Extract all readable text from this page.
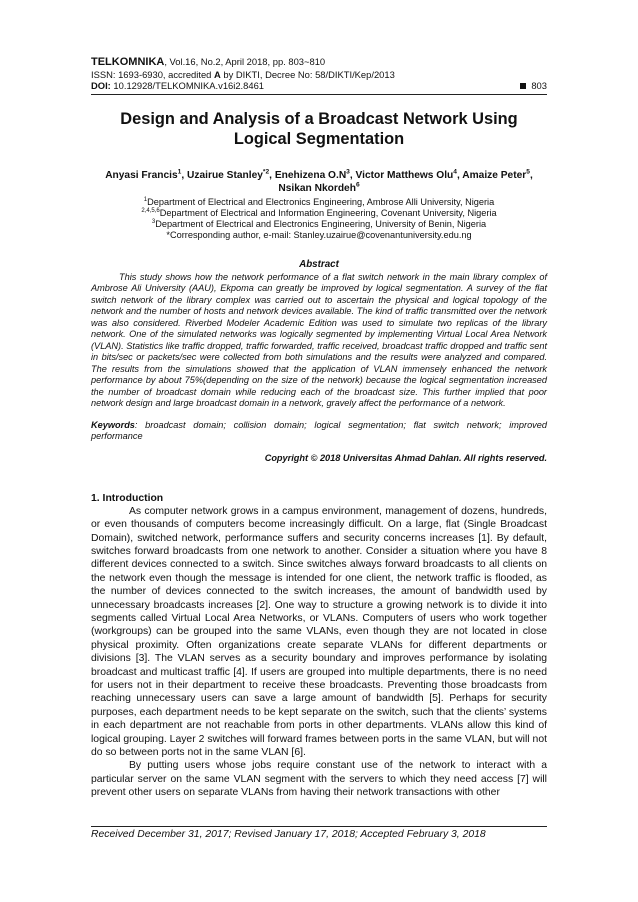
TELKOMNIKA, Vol.16, No.2, April 2018, pp. 803~810
ISSN: 1693-6930, accredited A by DIKTI, Decree No: 58/DIKTI/Kep/2013
DOI: 10.12928/TELKOMNIKA.v16i2.8461	803
Design and Analysis of a Broadcast Network Using Logical Segmentation
Anyasi Francis$^1$, Uzairue Stanley$^{*2}$, Enehizena $O.N^3$, Victor Matthews Olu$^4$, Amaize Peter$^5$, Nsikan Nkordeh$^6$
$^1$Department of Electrical and Electronics Engineering, Ambrose Alli University, Nigeria
$^{2,4,5,6}$Department of Electrical and Information Engineering, Covenant University, Nigeria
$^3$Department of Electrical and Electronics Engineering, University of Benin, Nigeria
*Corresponding author, e-mail: Stanley.uzairue@covenantuniversity.edu.ng
Abstract
This study shows how the network performance of a flat switch network in the main library complex of Ambrose Ali University (AAU), Ekpoma can greatly be improved by logical segmentation. A survey of the flat switch network of the library complex was carried out to ascertain the physical and logical topology of the network and the number of hosts and network devices available. The kind of traffic transmitted over the network was also considered. Riverbed Modeler Academic Edition was used to simulate two replicas of the library network. One of the simulated networks was logically segmented by implementing Virtual Local Area Network (VLAN). Statistics like traffic dropped, traffic forwarded, traffic received, broadcast traffic dropped and traffic sent in bits/sec or packets/sec were collected from both simulations and the results were analyzed and compared. The results from the simulations showed that the application of VLAN immensely enhanced the network performance by about 75%(depending on the size of the network) because the logical segmentation increased the number of broadcast domain while reducing each of the broadcast size. This further implied that poor network design and large broadcast domain in a network, gravely affect the performance of a network.
Keywords: broadcast domain; collision domain; logical segmentation; flat switch network; improved performance
Copyright © 2018 Universitas Ahmad Dahlan. All rights reserved.
1. Introduction
As computer network grows in a campus environment, management of dozens, hundreds, or even thousands of computers become increasingly difficult. On a large, flat (Single Broadcast Domain), switched network, performance suffers and security concerns increases [1]. By default, switches forward broadcasts from one network to another. Consider a situation where you have 8 different devices connected to a switch. Since switches always forward broadcasts to all clients on the network even though the message is intended for one client, the network traffic is flooded, as the number of devices connected to the switch increases, the amount of bandwidth used by unnecessary broadcasts increases [2]. One way to structure a growing network is to divide it into segments called Virtual Local Area Networks, or VLANs. Computers of users who work together (workgroups) can be grouped into the same VLANs, even though they are not located in close physical proximity. Often organizations create separate VLANs for different departments or divisions [3]. The VLAN serves as a security boundary and improves performance by isolating broadcast and multicast traffic [4]. If users are grouped into multiple departments, there is no need for users not in their department to receive these broadcasts. Preventing those broadcasts from reaching unnecessary users can save a large amount of bandwidth [5]. Perhaps for security purposes, each department needs to be kept separate on the switch, such that the clients’ systems in each department are not reachable from ports in other departments. VLANs allow this kind of logical grouping. Layer 2 switches will forward frames between ports in the same VLAN, but will not do so between ports not in the same VLAN [6].
By putting users whose jobs require constant use of the network to interact with a particular server on the same VLAN segment with the servers to which they need access [7] will prevent other users on separate VLANs from having their network transactions with other
Received December 31, 2017; Revised January 17, 2018; Accepted February 3, 2018
